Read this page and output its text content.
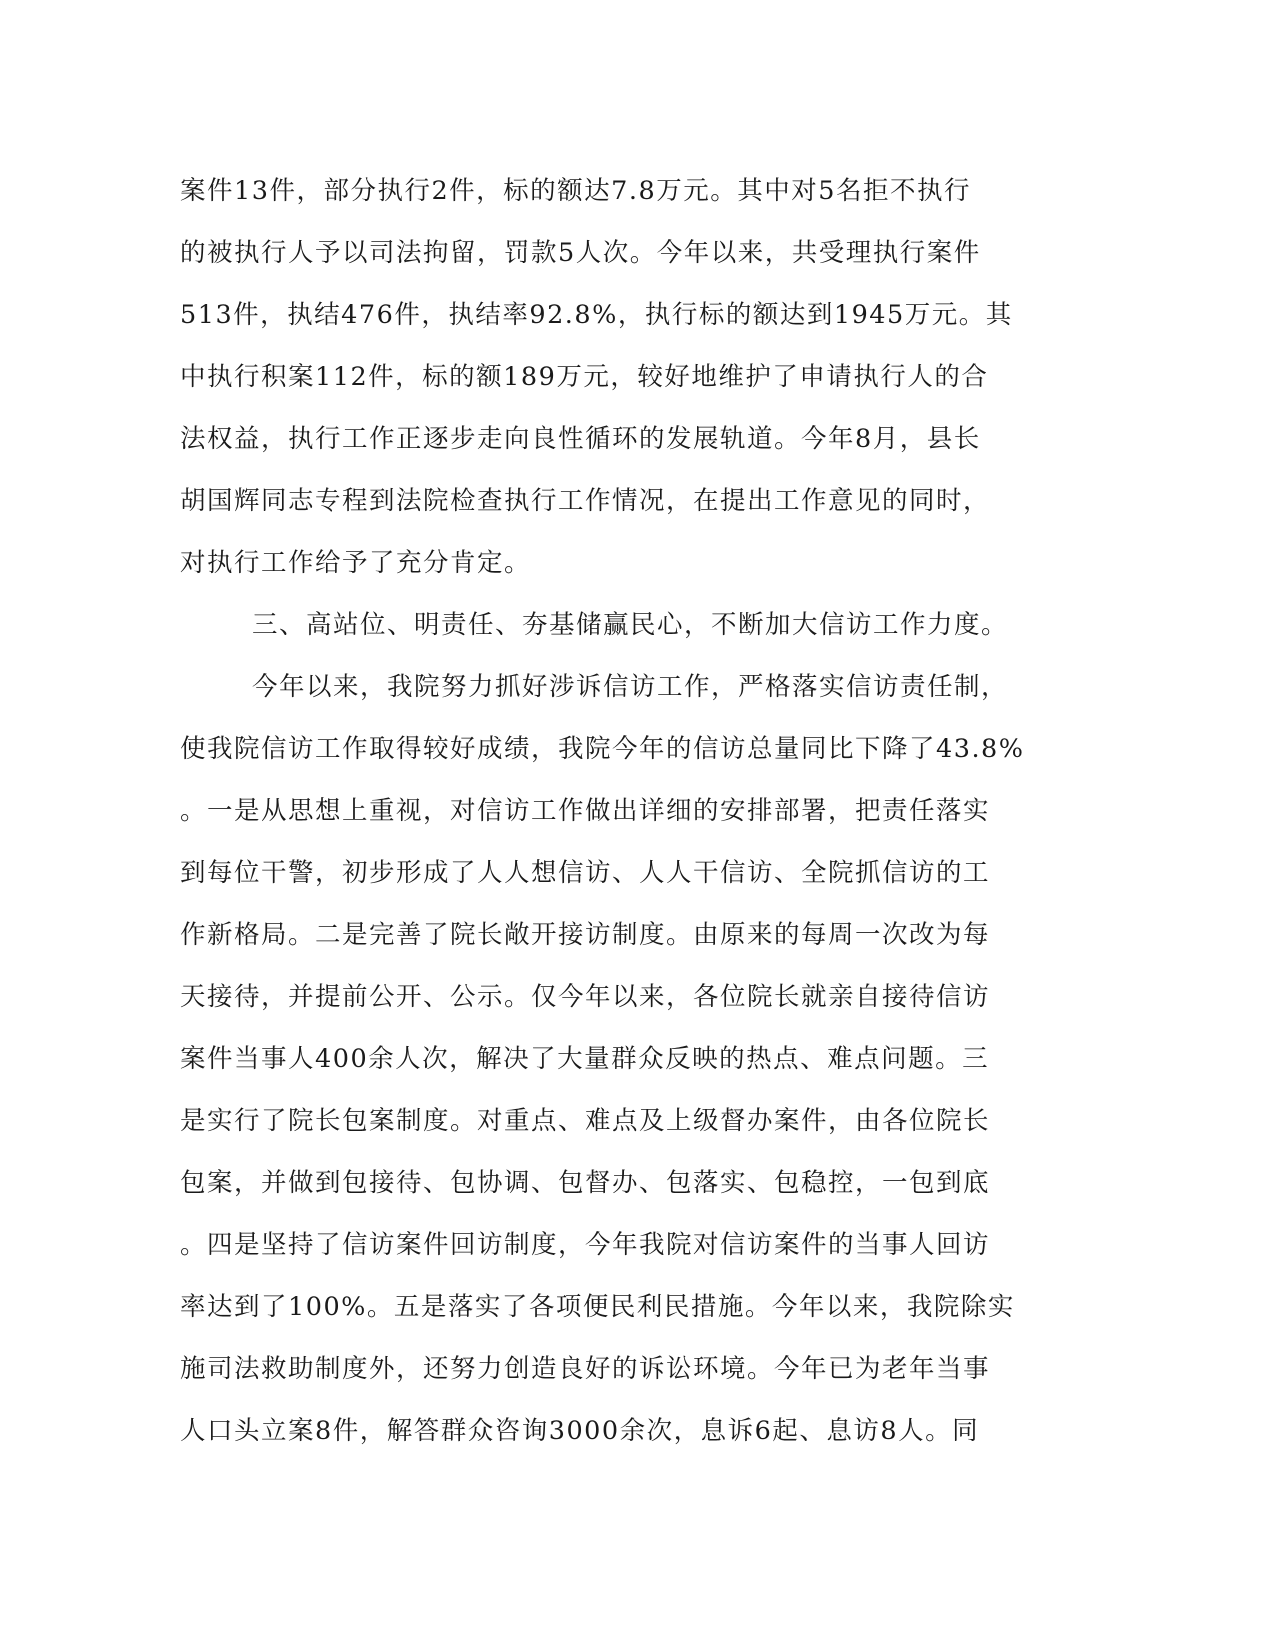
案件13件，部分执行2件，标的额达7.8万元。其中对5名拒不执行
的被执行人予以司法拘留，罚款5人次。今年以来，共受理执行案件
513件，执结476件，执结率92.8%，执行标的额达到1945万元。其
中执行积案112件，标的额189万元，较好地维护了申请执行人的合
法权益，执行工作正逐步走向良性循环的发展轨道。今年8月，县长
胡国辉同志专程到法院检查执行工作情况，在提出工作意见的同时，
对执行工作给予了充分肯定。
三、高站位、明责任、夯基储赢民心，不断加大信访工作力度。
今年以来，我院努力抓好涉诉信访工作，严格落实信访责任制，
使我院信访工作取得较好成绩，我院今年的信访总量同比下降了43.8%
。一是从思想上重视，对信访工作做出详细的安排部署，把责任落实
到每位干警，初步形成了人人想信访、人人干信访、全院抓信访的工
作新格局。二是完善了院长敞开接访制度。由原来的每周一次改为每
天接待，并提前公开、公示。仅今年以来，各位院长就亲自接待信访
案件当事人400余人次，解决了大量群众反映的热点、难点问题。三
是实行了院长包案制度。对重点、难点及上级督办案件，由各位院长
包案，并做到包接待、包协调、包督办、包落实、包稳控，一包到底
。四是坚持了信访案件回访制度，今年我院对信访案件的当事人回访
率达到了100%。五是落实了各项便民利民措施。今年以来，我院除实
施司法救助制度外，还努力创造良好的诉讼环境。今年已为老年当事
人口头立案8件，解答群众咨询3000余次，息诉6起、息访8人。同
